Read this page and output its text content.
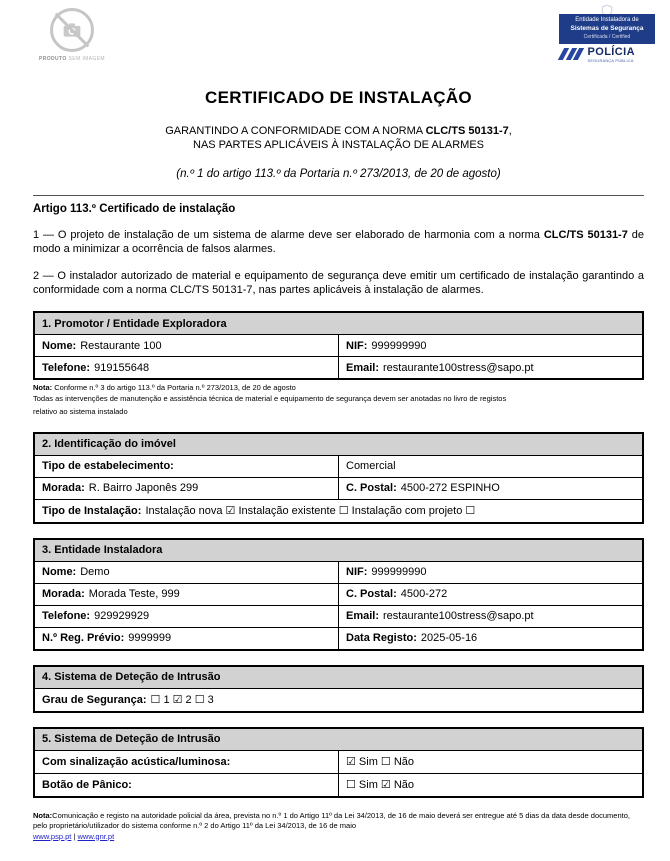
PRODUTO SEM IMAGEM
Entidade Instaladora de
Sistemas de Segurança
Certificada / Certified
POLÍCIA
SEGURANÇA PÚBLICA
CERTIFICADO DE INSTALAÇÃO
GARANTINDO A CONFORMIDADE COM A NORMA CLC/TS 50131-7,
NAS PARTES APLICÁVEIS À INSTALAÇÃO DE ALARMES
(n.º 1 do artigo 113.º da Portaria n.º 273/2013, de 20 de agosto)
Artigo 113.º Certificado de instalação

1 — O projeto de instalação de um sistema de alarme deve ser elaborado de harmonia com a norma CLC/TS 50131-7 de modo a minimizar a ocorrência de falsos alarmes.

2 — O instalador autorizado de material e equipamento de segurança deve emitir um certificado de instalação garantindo a conformidade com a norma CLC/TS 50131-7, nas partes aplicáveis à instalação de alarmes.

1. Promotor / Entidade Exploradora	
Nome: Restaurante 100	NIF: 999999990
Telefone: 919155648	Email: restaurante100stress@sapo.pt
Nota: Conforme n.º 3 do artigo 113.º da Portaria n.º 273/2013, de 20 de agosto
Todas as intervenções de manutenção e assistência técnica de material e equipamento de segurança devem ser anotadas no livro de registos
relativo ao sistema instalado
2. Identificação do imóvel	
Tipo de estabelecimento:	Comercial
Morada: R. Bairro Japonês 299	C. Postal: 4500-272 ESPINHO
Tipo de Instalação: Instalação nova ☑ Instalação existente ☐ Instalação com projeto ☐	
3. Entidade Instaladora	
Nome: Demo	NIF: 999999990
Morada: Morada Teste, 999	C. Postal: 4500-272
Telefone: 929929929	Email: restaurante100stress@sapo.pt
N.º Reg. Prévio: 9999999	Data Registo: 2025-05-16
4. Sistema de Deteção de Intrusão
Grau de Segurança: ☐ 1 ☑ 2 ☐ 3
5. Sistema de Deteção de Intrusão	
Com sinalização acústica/luminosa:	☑ Sim ☐ Não
Botão de Pânico:	☐ Sim ☑ Não
Nota:Comunicação e registo na autoridade policial da área, prevista no n.º 1 do Artigo 11º da Lei 34/2013, de 16 de maio deverá ser entregue até 5 dias da data desde documento, pelo proprietário/utilizador do sistema conforme n.º 2 do Artigo 11º da Lei 34/2013, de 16 de maio
www.psp.pt | www.gnr.pt
